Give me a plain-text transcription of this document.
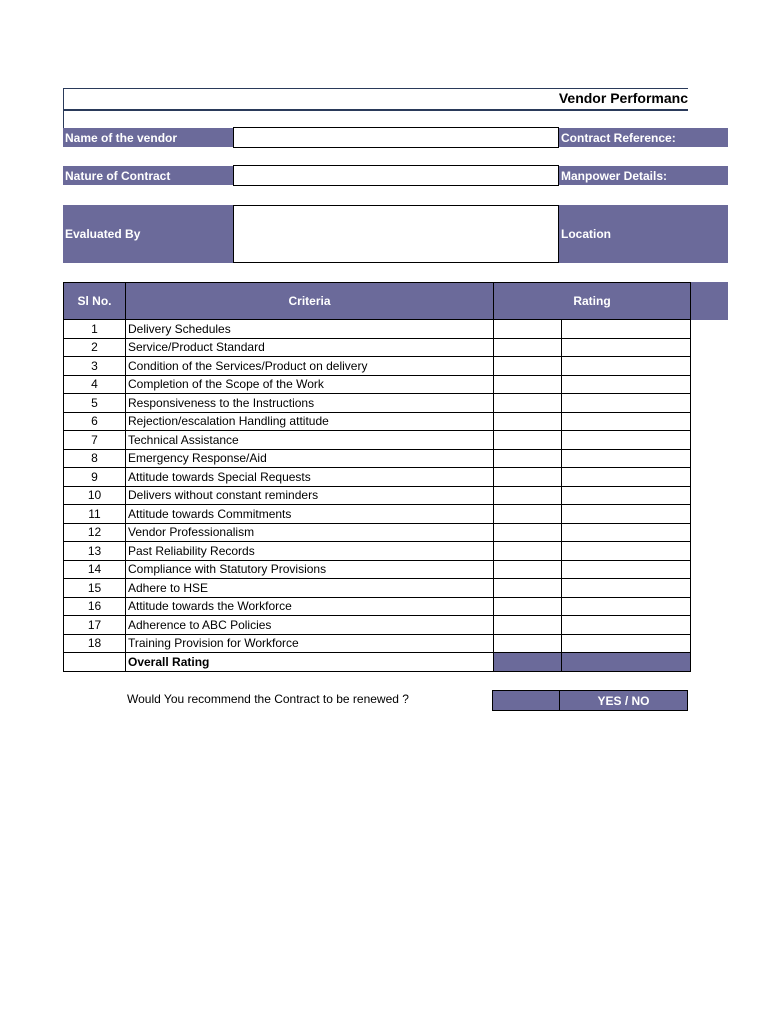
Vendor Performanc
Name of the vendor	Contract Reference:
Nature of Contract	Manpower Details:
Evaluated By	Location
Sl No.	Criteria	Rating	
1	Delivery Schedules		
2	Service/Product Standard		
3	Condition of the Services/Product on delivery		
4	Completion of the Scope of the Work		
5	Responsiveness to the Instructions		
6	Rejection/escalation Handling attitude		
7	Technical Assistance		
8	Emergency Response/Aid		
9	Attitude towards Special Requests		
10	Delivers without constant reminders		
11	Attitude towards Commitments		
12	Vendor Professionalism		
13	Past Reliability Records		
14	Compliance with Statutory Provisions		
15	Adhere to HSE		
16	Attitude towards the Workforce		
17	Adherence to ABC Policies		
18	Training Provision for Workforce		
	Overall Rating		
Would You recommend the Contract to be renewed ?	YES / NO
